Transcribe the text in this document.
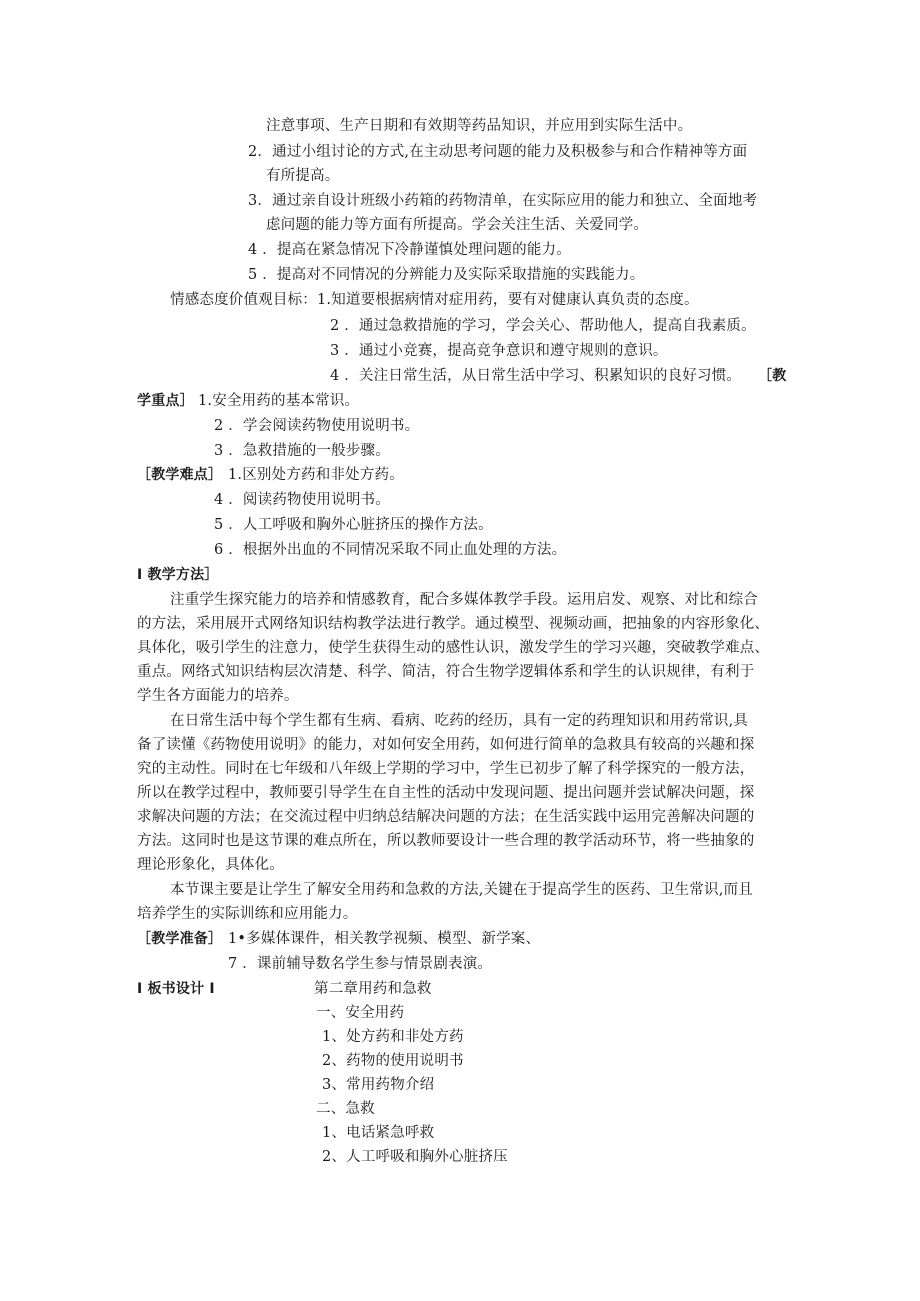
注意事项、生产日期和有效期等药品知识，并应用到实际生活中。
2．通过小组讨论的方式,在主动思考问题的能力及积极参与和合作精神等方面
有所提高。
3．通过亲自设计班级小药箱的药物清单，在实际应用的能力和独立、全面地考
虑问题的能力等方面有所提高。学会关注生活、关爱同学。
4 ．提高在紧急情况下冷静谨慎处理问题的能力。
5 ．提高对不同情况的分辨能力及实际采取措施的实践能力。
情感态度价值观目标：1.知道要根据病情对症用药，要有对健康认真负责的态度。
2 ．通过急救措施的学习，学会关心、帮助他人，提高自我素质。
3 ．通过小竞赛，提高竞争意识和遵守规则的意识。
4 ．关注日常生活，从日常生活中学习、积累知识的良好习惯。 ［教
学重点］ 1.安全用药的基本常识。
2 ．学会阅读药物使用说明书。
3 ．急救措施的一般步骤。
［教学难点］ 1.区别处方药和非处方药。
4 ．阅读药物使用说明书。
5 ．人工呼吸和胸外心脏挤压的操作方法。
6 ．根据外出血的不同情况采取不同止血处理的方法。
I 教学方法］
注重学生探究能力的培养和情感教育，配合多媒体教学手段。运用启发、观察、对比和综合
的方法，采用展开式网络知识结构教学法进行教学。通过模型、视频动画，把抽象的内容形象化、
具体化，吸引学生的注意力，使学生获得生动的感性认识，激发学生的学习兴趣，突破教学难点、
重点。网络式知识结构层次清楚、科学、简洁，符合生物学逻辑体系和学生的认识规律，有利于
学生各方面能力的培养。
在日常生活中每个学生都有生病、看病、吃药的经历，具有一定的药理知识和用药常识,具
备了读懂《药物使用说明》的能力，对如何安全用药，如何进行简单的急救具有较高的兴趣和探
究的主动性。同时在七年级和八年级上学期的学习中，学生已初步了解了科学探究的一般方法，
所以在教学过程中，教师要引导学生在自主性的活动中发现问题、提出问题并尝试解决问题，探
求解决问题的方法；在交流过程中归纳总结解决问题的方法；在生活实践中运用完善解决问题的
方法。这同时也是这节课的难点所在，所以教师要设计一些合理的教学活动环节，将一些抽象的
理论形象化，具体化。
本节课主要是让学生了解安全用药和急救的方法,关键在于提高学生的医药、卫生常识,而且
培养学生的实际训练和应用能力。
［教学准备］ 1•多媒体课件，相关教学视频、模型、新学案、
7 ．课前辅导数名学生参与情景剧表演。
I 板书设计 I	第二章用药和急救
一、安全用药
1、处方药和非处方药
2、药物的使用说明书
3、常用药物介绍
二、急救
1、电话紧急呼救
2、人工呼吸和胸外心脏挤压
